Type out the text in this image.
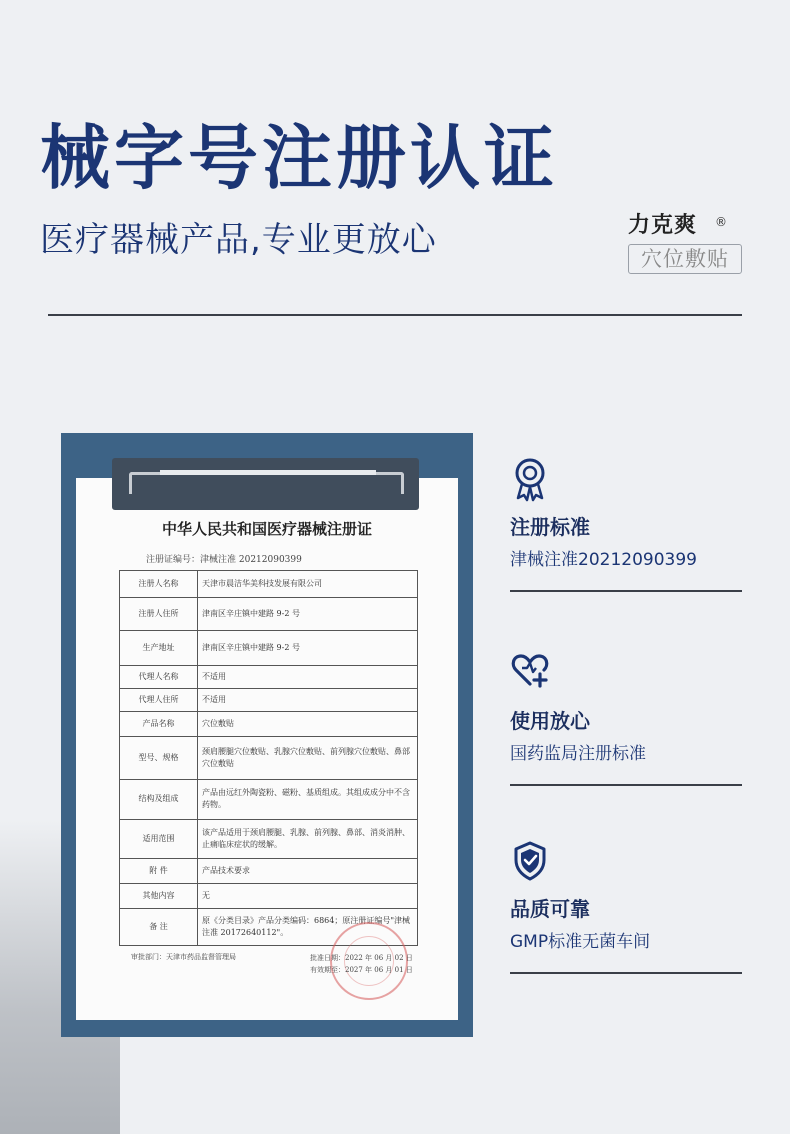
械字号注册认证
医疗器械产品,专业更放心	力克爽 ®
穴位敷贴
中华人民共和国医疗器械注册证
注册证编号：津械注准 20212090399
注册人名称	天津市晨洁华美科技发展有限公司
注册人住所	津南区辛庄镇中建路 9-2 号
生产地址	津南区辛庄镇中建路 9-2 号
代理人名称	不适用
代理人住所	不适用
产品名称	穴位敷贴
型号、规格	颈肩腰腿穴位敷贴、乳腺穴位敷贴、前列腺穴位敷贴、鼻部穴位敷贴
结构及组成	产品由远红外陶瓷粉、磁粉、基质组成。其组成成分中不含药物。
适用范围	该产品适用于颈肩腰腿、乳腺、前列腺、鼻部、消炎消肿、止痛临床症状的缓解。
附 件	产品技术要求
其他内容	无
备 注	原《分类目录》产品分类编码：6864；原注册证编号"津械注准 20172640112"。
审批部门：天津市药品监督管理局	批准日期：2022 年 06 月 02 日
有效期至：2027 年 06 月 01 日
注册标准
津械注准20212090399
使用放心
国药监局注册标准
品质可靠
GMP标准无菌车间
